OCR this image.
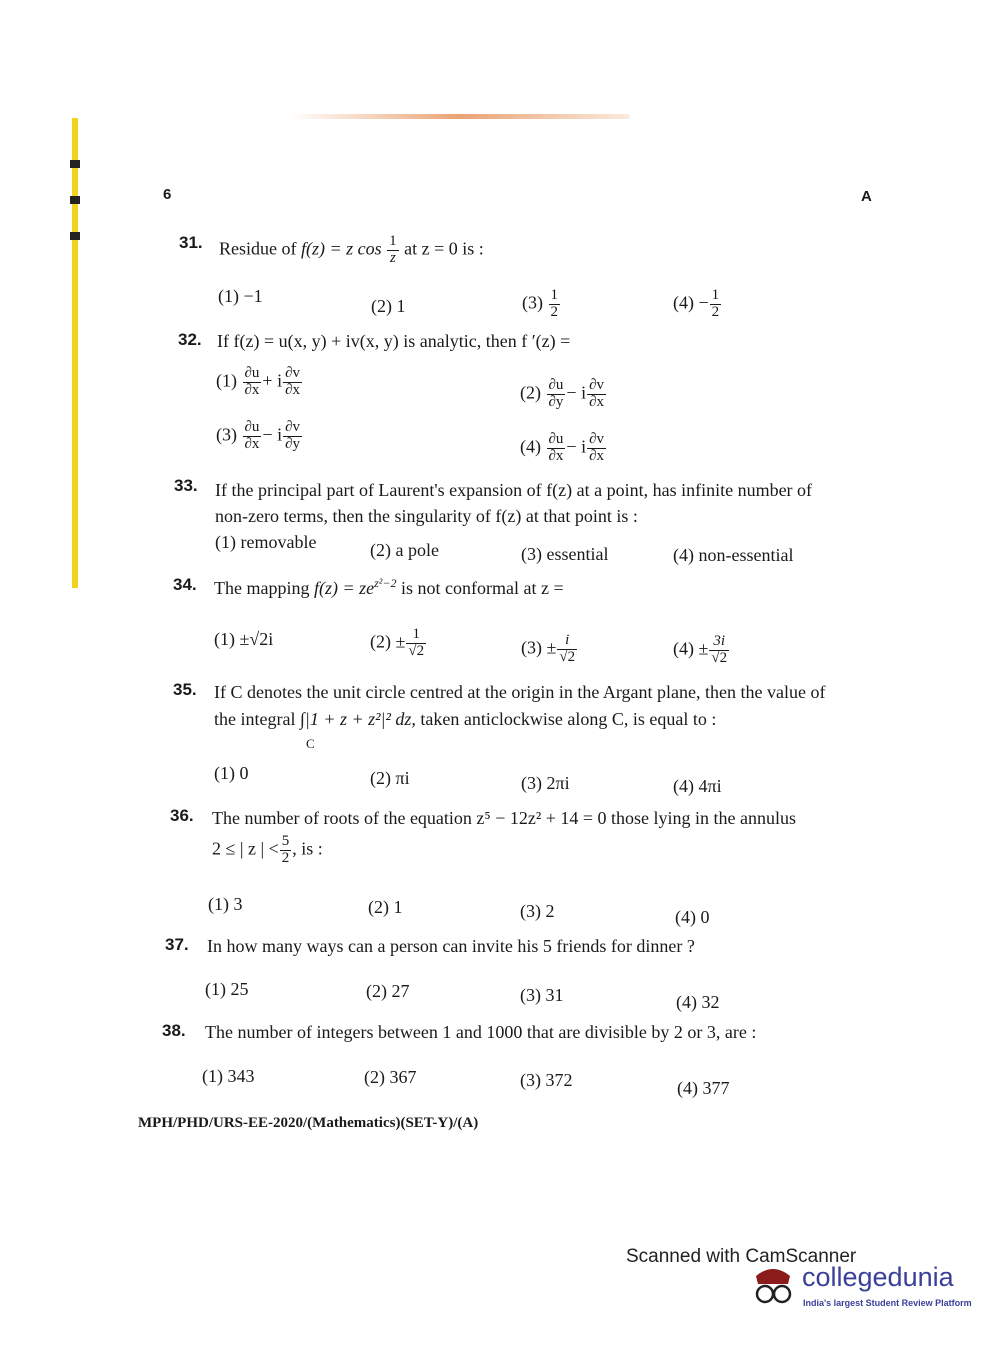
6	A
31. Residue of f(z) = z $\cos \frac{1}{z}$ at z = 0 is :
(1) −1	(2) 1	$(3) \frac{1}{2}$	$(4) - \frac{1}{2}$
32. If f(z) = u(x, y) + iv(x, y) is analytic, then f ′(z) =
$(1) \frac{\partial u}{\partial x} + i \frac{\partial v}{\partial x}$	$(2) \frac{\partial u}{\partial y} - i \frac{\partial v}{\partial x}$
$(3) \frac{\partial u}{\partial x} - i \frac{\partial v}{\partial y}$	$(4) \frac{\partial u}{\partial x} - i \frac{\partial v}{\partial x}$
33. If the principal part of Laurent's expansion of f(z) at a point, has infinite number of
non-zero terms, then the singularity of f(z) at that point is :
(1) removable	(2) a pole	(3) essential	(4) non-essential
34. The mapping $f(z) = ze^{z^2-2}$ is not conformal at z =
(1) ±√2i	$(2) \pm \frac{1}{√2}$	$(3) \pm \frac{i}{√2}$	$(4) \pm \frac{3i}{√2}$
35. If C denotes the unit circle centred at the origin in the Argant plane, then the value of
the integral ∫|1 + z + z²|² dz, taken anticlockwise along C, is equal to :
C
(1) 0	(2) πi	(3) 2πi	(4) 4πi
36. The number of roots of the equation z⁵ − 12z² + 14 = 0 those lying in the annulus
2 ≤ | z | < $\frac{5}{2}$ , is :
(1) 3	(2) 1	(3) 2	(4) 0
37. In how many ways can a person can invite his 5 friends for dinner ?
(1) 25	(2) 27	(3) 31	(4) 32
38. The number of integers between 1 and 1000 that are divisible by 2 or 3, are :
(1) 343	(2) 367	(3) 372	(4) 377
MPH/PHD/URS-EE-2020/(Mathematics)(SET-Y)/(A)
Scanned with CamScanner
collegedunia
India's largest Student Review Platform
